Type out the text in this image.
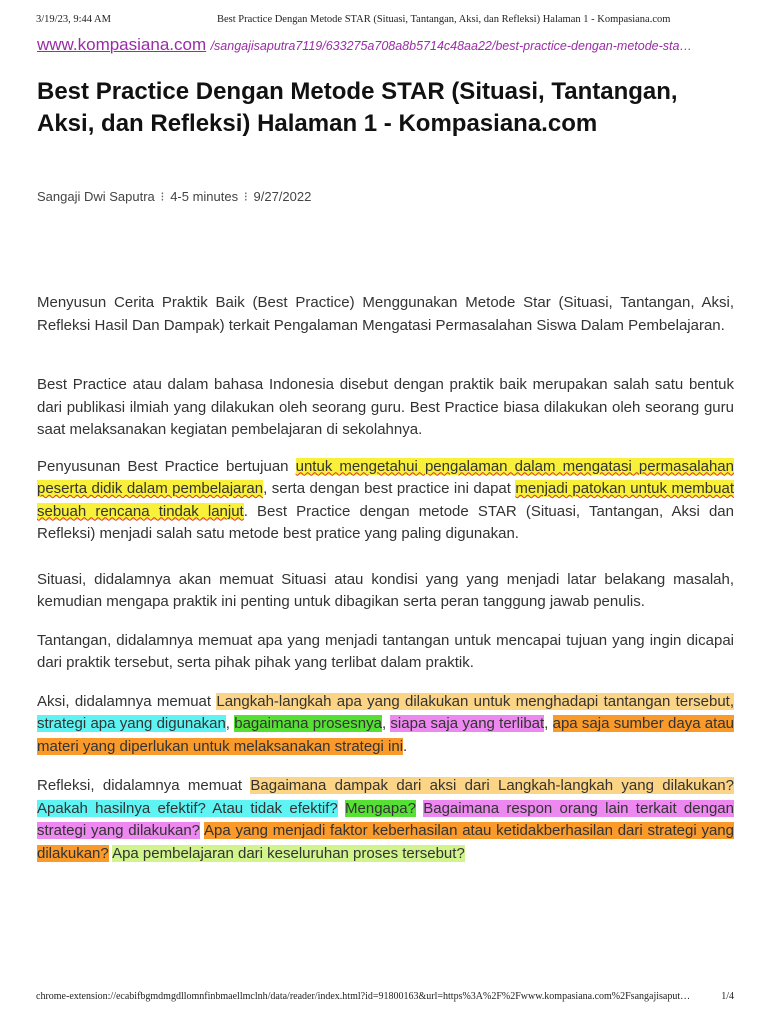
3/19/23, 9:44 AM	Best Practice Dengan Metode STAR (Situasi, Tantangan, Aksi, dan Refleksi) Halaman 1 - Kompasiana.com
www.kompasiana.com /sangajisaputra7119/633275a708a8b5714c48aa22/best-practice-dengan-metode-sta…
Best Practice Dengan Metode STAR (Situasi, Tantangan, Aksi, dan Refleksi) Halaman 1 - Kompasiana.com
Sangaji Dwi Saputra ⁝ 4-5 minutes ⁝ 9/27/2022

Menyusun Cerita Praktik Baik (Best Practice) Menggunakan Metode Star (Situasi, Tantangan, Aksi, Refleksi Hasil Dan Dampak) terkait Pengalaman Mengatasi Permasalahan Siswa Dalam Pembelajaran.

Best Practice atau dalam bahasa Indonesia disebut dengan praktik baik merupakan salah satu bentuk dari publikasi ilmiah yang dilakukan oleh seorang guru. Best Practice biasa dilakukan oleh seorang guru saat melaksanakan kegiatan pembelajaran di sekolahnya.

Penyusunan Best Practice bertujuan untuk mengetahui pengalaman dalam mengatasi permasalahan peserta didik dalam pembelajaran, serta dengan best practice ini dapat menjadi patokan untuk membuat sebuah rencana tindak lanjut. Best Practice dengan metode STAR (Situasi, Tantangan, Aksi dan Refleksi) menjadi salah satu metode best pratice yang paling digunakan.

Situasi, didalamnya akan memuat Situasi atau kondisi yang yang menjadi latar belakang masalah, kemudian mengapa praktik ini penting untuk dibagikan serta peran tanggung jawab penulis.

Tantangan, didalamnya memuat apa yang menjadi tantangan untuk mencapai tujuan yang ingin dicapai dari praktik tersebut, serta pihak pihak yang terlibat dalam praktik.

Aksi, didalamnya memuat Langkah-langkah apa yang dilakukan untuk menghadapi tantangan tersebut, strategi apa yang digunakan, bagaimana prosesnya, siapa saja yang terlibat, apa saja sumber daya atau materi yang diperlukan untuk melaksanakan strategi ini.

Refleksi, didalamnya memuat Bagaimana dampak dari aksi dari Langkah-langkah yang dilakukan? Apakah hasilnya efektif? Atau tidak efektif? Mengapa? Bagaimana respon orang lain terkait dengan strategi yang dilakukan? Apa yang menjadi faktor keberhasilan atau ketidakberhasilan dari strategi yang dilakukan? Apa pembelajaran dari keseluruhan proses tersebut?

chrome-extension://ecabifbgmdmgdllomnfinbmaellmclnh/data/reader/index.html?id=91800163&url=https%3A%2F%2Fwww.kompasiana.com%2Fsangajisaput…	1/4
